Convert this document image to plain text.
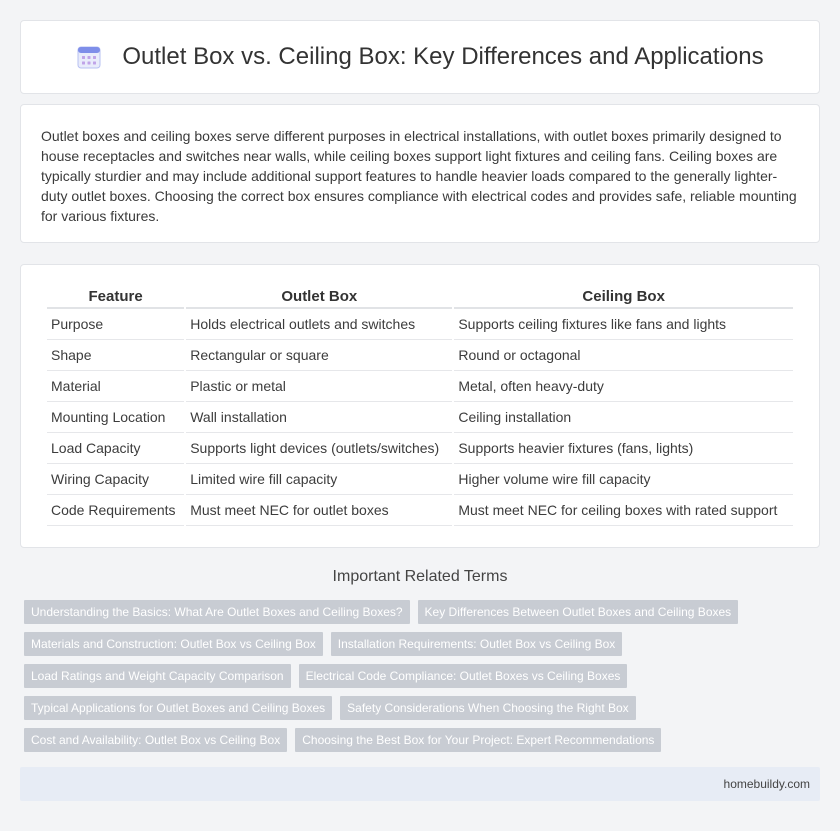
Outlet Box vs. Ceiling Box: Key Differences and Applications

Outlet boxes and ceiling boxes serve different purposes in electrical installations, with outlet boxes primarily designed to house receptacles and switches near walls, while ceiling boxes support light fixtures and ceiling fans. Ceiling boxes are typically sturdier and may include additional support features to handle heavier loads compared to the generally lighter-duty outlet boxes. Choosing the correct box ensures compliance with electrical codes and provides safe, reliable mounting for various fixtures.

Feature	Outlet Box	Ceiling Box
Purpose	Holds electrical outlets and switches	Supports ceiling fixtures like fans and lights
Shape	Rectangular or square	Round or octagonal
Material	Plastic or metal	Metal, often heavy-duty
Mounting Location	Wall installation	Ceiling installation
Load Capacity	Supports light devices (outlets/switches)	Supports heavier fixtures (fans, lights)
Wiring Capacity	Limited wire fill capacity	Higher volume wire fill capacity
Code Requirements	Must meet NEC for outlet boxes	Must meet NEC for ceiling boxes with rated support
Important Related Terms
Understanding the Basics: What Are Outlet Boxes and Ceiling Boxes?	Key Differences Between Outlet Boxes and Ceiling Boxes
Materials and Construction: Outlet Box vs Ceiling Box	Installation Requirements: Outlet Box vs Ceiling Box
Load Ratings and Weight Capacity Comparison	Electrical Code Compliance: Outlet Boxes vs Ceiling Boxes
Typical Applications for Outlet Boxes and Ceiling Boxes	Safety Considerations When Choosing the Right Box
Cost and Availability: Outlet Box vs Ceiling Box	Choosing the Best Box for Your Project: Expert Recommendations
homebuildy.com
